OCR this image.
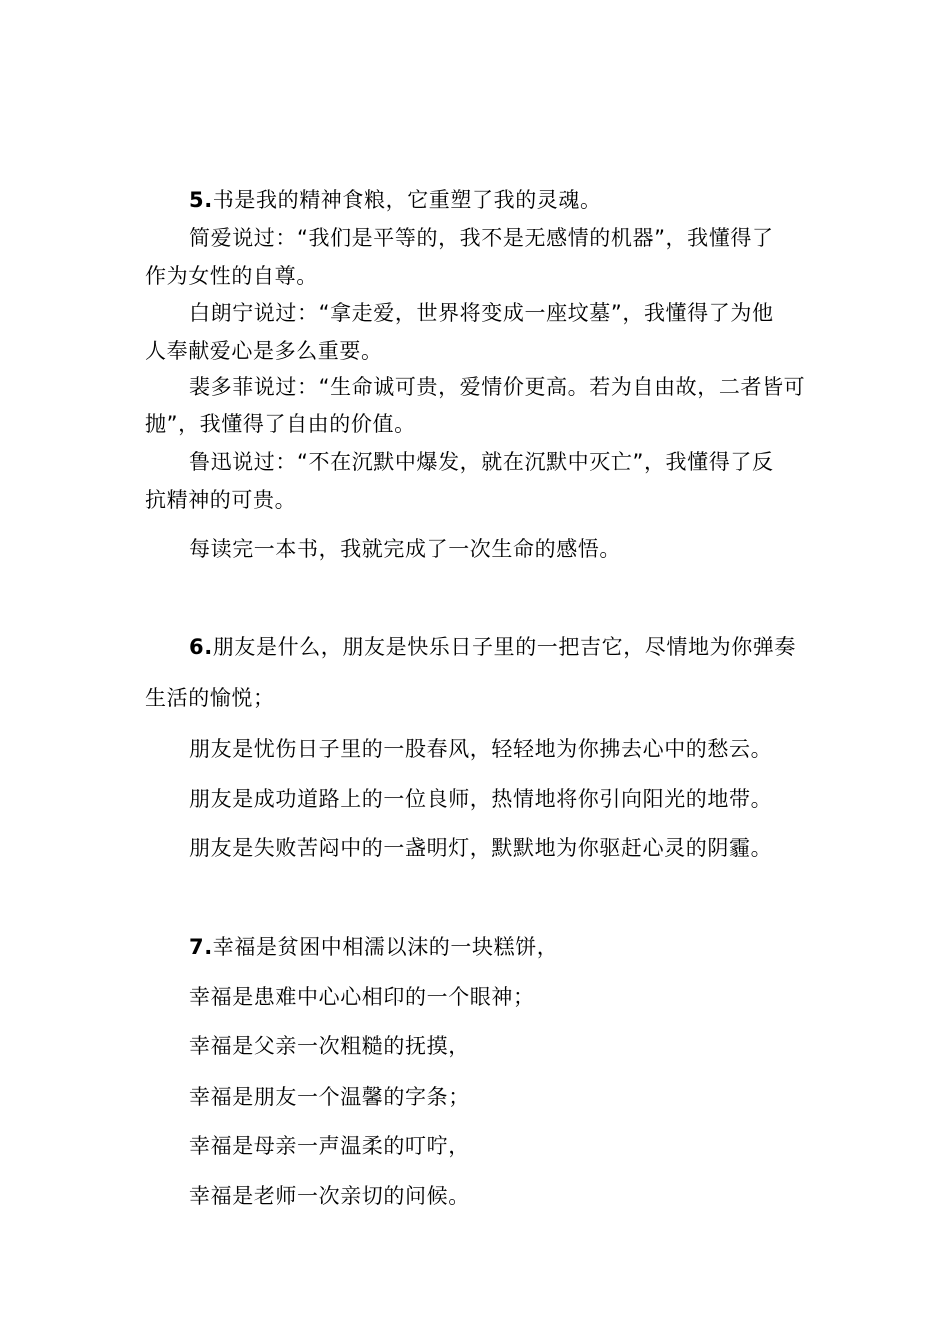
5.书是我的精神食粮，它重塑了我的灵魂。
简爱说过：“我们是平等的，我不是无感情的机器”，我懂得了
作为女性的自尊。
白朗宁说过：“拿走爱，世界将变成一座坟墓”，我懂得了为他
人奉献爱心是多么重要。
裴多菲说过：“生命诚可贵，爱情价更高。若为自由故，二者皆可
抛”，我懂得了自由的价值。
鲁迅说过：“不在沉默中爆发，就在沉默中灭亡”，我懂得了反
抗精神的可贵。
每读完一本书，我就完成了一次生命的感悟。
6.朋友是什么，朋友是快乐日子里的一把吉它，尽情地为你弹奏
生活的愉悦；
朋友是忧伤日子里的一股春风，轻轻地为你拂去心中的愁云。
朋友是成功道路上的一位良师，热情地将你引向阳光的地带。
朋友是失败苦闷中的一盏明灯，默默地为你驱赶心灵的阴霾。
7.幸福是贫困中相濡以沫的一块糕饼，
幸福是患难中心心相印的一个眼神；
幸福是父亲一次粗糙的抚摸，
幸福是朋友一个温馨的字条；
幸福是母亲一声温柔的叮咛，
幸福是老师一次亲切的问候。
